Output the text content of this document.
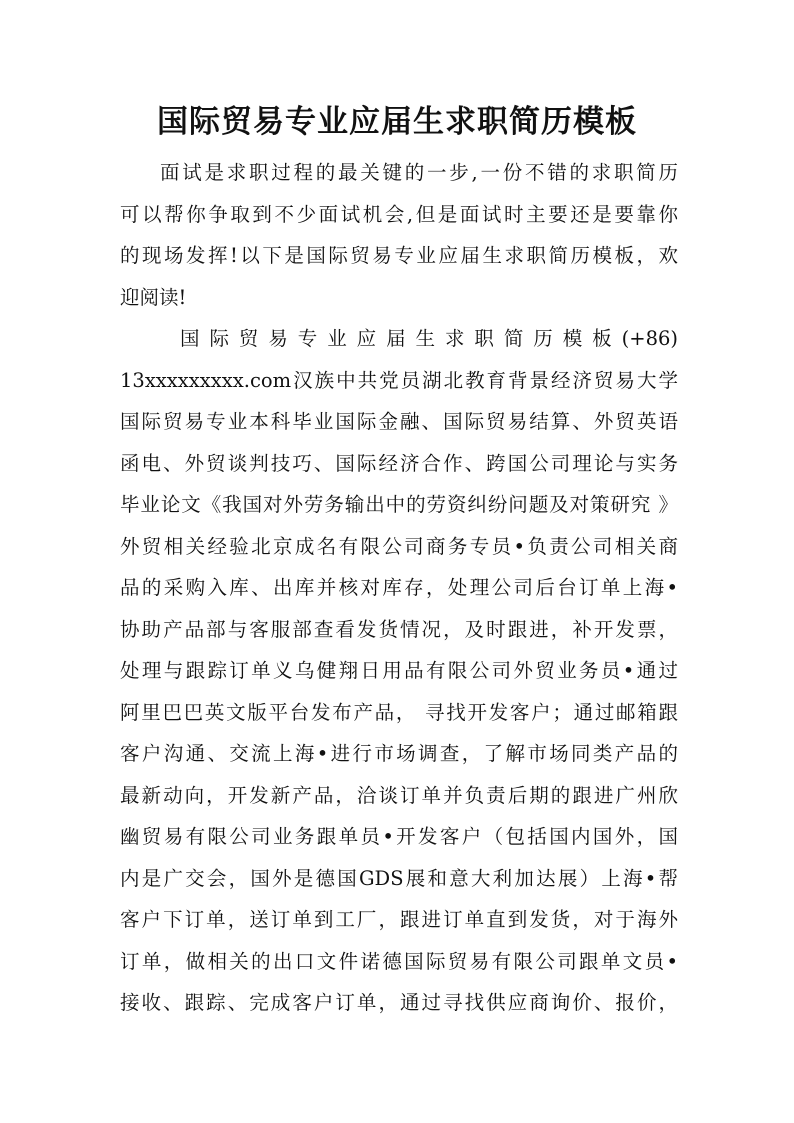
国际贸易专业应届生求职简历模板
面试是求职过程的最关键的一步,一份不错的求职简历
可以帮你争取到不少面试机会,但是面试时主要还是要靠你
的现场发挥!以下是国际贸易专业应届生求职简历模板，欢
迎阅读!
国际贸易专业应届生求职简历模板(+86)
13xxxxxxxxx.com汉族中共党员湖北教育背景经济贸易大学
国际贸易专业本科毕业国际金融、国际贸易结算、外贸英语
函电、外贸谈判技巧、国际经济合作、跨国公司理论与实务
毕业论文《我国对外劳务输出中的劳资纠纷问题及对策研究 》
外贸相关经验北京成名有限公司商务专员•负责公司相关商
品的采购入库、出库并核对库存，处理公司后台订单上海•
协助产品部与客服部查看发货情况，及时跟进，补开发票，
处理与跟踪订单义乌健翔日用品有限公司外贸业务员•通过
阿里巴巴英文版平台发布产品， 寻找开发客户；通过邮箱跟
客户沟通、交流上海•进行市场调查，了解市场同类产品的
最新动向，开发新产品，洽谈订单并负责后期的跟进广州欣
幽贸易有限公司业务跟单员•开发客户（包括国内国外，国
内是广交会，国外是德国GDS展和意大利加达展）上海•帮
客户下订单，送订单到工厂，跟进订单直到发货，对于海外
订单，做相关的出口文件诺德国际贸易有限公司跟单文员•
接收、跟踪、完成客户订单，通过寻找供应商询价、报价，
